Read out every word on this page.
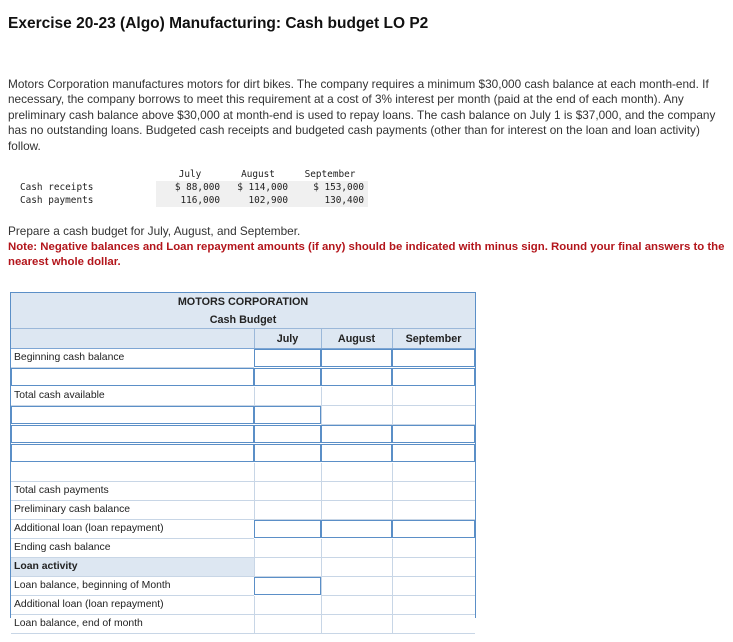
Exercise 20-23 (Algo) Manufacturing: Cash budget LO P2
Motors Corporation manufactures motors for dirt bikes. The company requires a minimum $30,000 cash balance at each month-end. If necessary, the company borrows to meet this requirement at a cost of 3% interest per month (paid at the end of each month). Any preliminary cash balance above $30,000 at month-end is used to repay loans. The cash balance on July 1 is $37,000, and the company has no outstanding loans. Budgeted cash receipts and budgeted cash payments (other than for interest on the loan and loan activity) follow.
	July	August	September
Cash receipts	$ 88,000	$ 114,000	$ 153,000
Cash payments	116,000	102,900	130,400
Prepare a cash budget for July, August, and September.
Note: Negative balances and Loan repayment amounts (if any) should be indicated with minus sign. Round your final answers to the nearest whole dollar.
MOTORS CORPORATION
Cash Budget
July	August	September
Beginning cash balance
Total cash available
Total cash payments
Preliminary cash balance
Additional loan (loan repayment)
Ending cash balance
Loan activity
Loan balance, beginning of Month
Additional loan (loan repayment)
Loan balance, end of month
